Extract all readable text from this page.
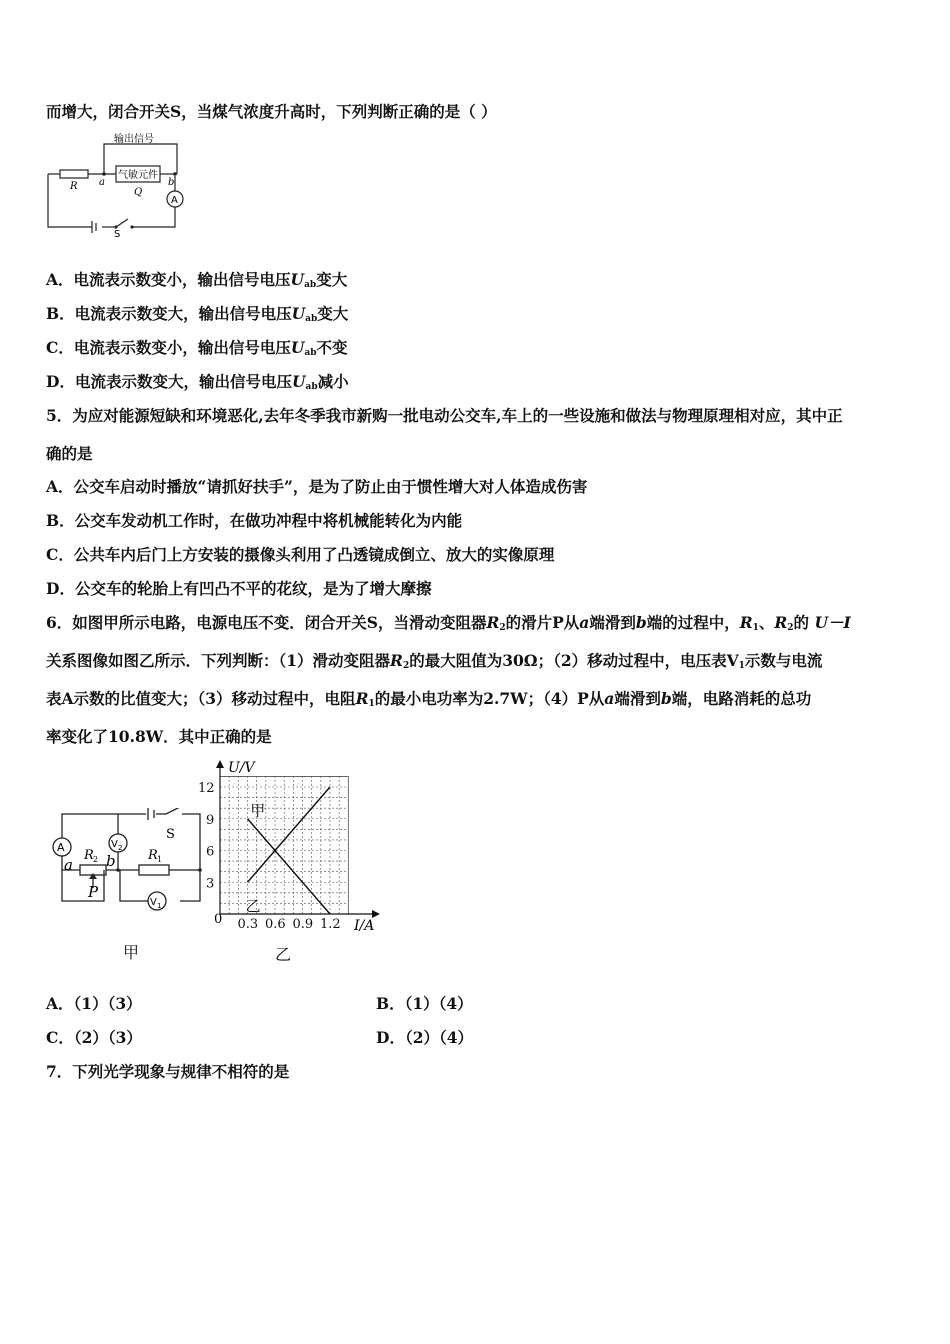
而增大，闭合开关S，当煤气浓度升高时，下列判断正确的是（ ）
输出信号
气敏元件
R a	b
Q
A
S
A．电流表示数变小，输出信号电压$U_{ab}$变大
B．电流表示数变大，输出信号电压$U_{ab}$变大
C．电流表示数变小，输出信号电压$U_{ab}$不变
D．电流表示数变大，输出信号电压$U_{ab}$减小
5．为应对能源短缺和环境恶化,去年冬季我市新购一批电动公交车,车上的一些设施和做法与物理原理相对应，其中正
确的是
A．公交车启动时播放“请抓好扶手”，是为了防止由于惯性增大对人体造成伤害
B．公交车发动机工作时，在做功冲程中将机械能转化为内能
C．公共车内后门上方安装的摄像头利用了凸透镜成倒立、放大的实像原理
D．公交车的轮胎上有凹凸不平的花纹，是为了增大摩擦
6．如图甲所示电路，电源电压不变．闭合开关S，当滑动变阻器$R_2$的滑片P从a端滑到b端的过程中，$R_1$、$R_2$的 U－I
关系图像如图乙所示．下列判断：（1）滑动变阻器$R_2$的最大阻值为30Ω；（2）移动过程中，电压表$V_1$示数与电流
表A示数的比值变大；（3）移动过程中，电阻$R_1$的最小电功率为2.7W；（4）P从a端滑到b端，电路消耗的总功
率变化了10.8W．其中正确的是
A	V 2
V 1
S
R 2	R 1
a b
P
甲
甲
乙
0.3 0.6 0.9 1.2
3
6
9
12
U/V
I/A
0
乙
A．（1）（3）	B．（1）（4）
C．（2）（3）	D．（2）（4）
7．下列光学现象与规律不相符的是
